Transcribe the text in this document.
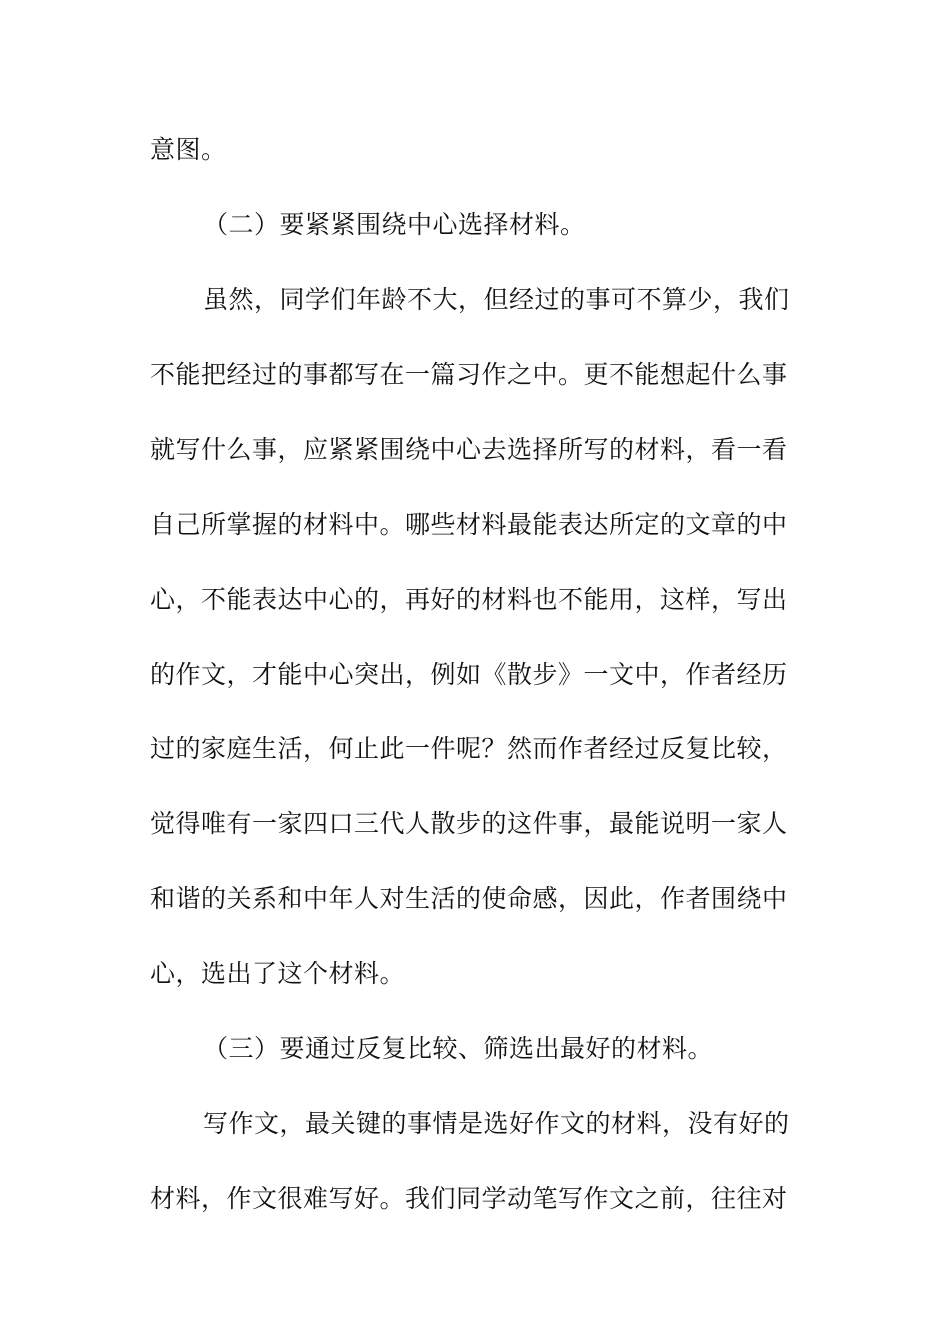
意图。
（二）要紧紧围绕中心选择材料。
虽然，同学们年龄不大，但经过的事可不算少，我们
不能把经过的事都写在一篇习作之中。更不能想起什么事
就写什么事，应紧紧围绕中心去选择所写的材料，看一看
自己所掌握的材料中。哪些材料最能表达所定的文章的中
心，不能表达中心的，再好的材料也不能用，这样，写出
的作文，才能中心突出，例如《散步》一文中，作者经历
过的家庭生活，何止此一件呢？然而作者经过反复比较，
觉得唯有一家四口三代人散步的这件事，最能说明一家人
和谐的关系和中年人对生活的使命感，因此，作者围绕中
心，选出了这个材料。
（三）要通过反复比较、筛选出最好的材料。
写作文，最关键的事情是选好作文的材料，没有好的
材料，作文很难写好。我们同学动笔写作文之前，往往对
